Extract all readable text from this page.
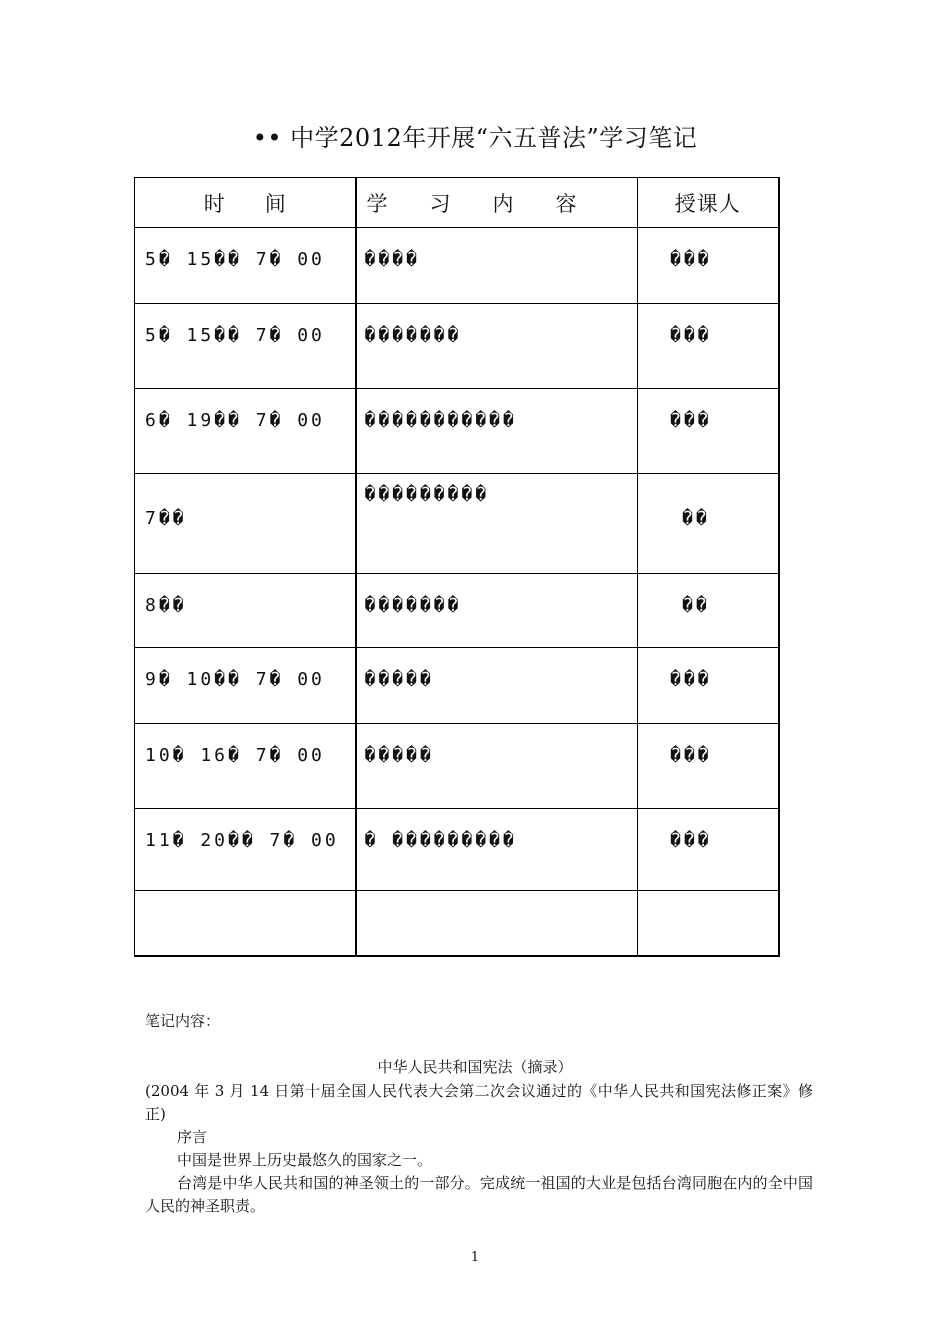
•• 中学2012年开展“六五普法”学习笔记
时间	学习内容	授课人
5� 15�� 7� 00	����	���
5� 15�� 7� 00	�������	���
6� 19�� 7� 00	�����������	���
7��	���������	��
8��	�������	��
9� 10�� 7� 00	�����	���
10� 16� 7� 00	�����	���
11� 20�� 7� 00	� ���������	���

笔记内容：
中华人民共和国宪法（摘录）

(2004 年 3 月 14 日第十届全国人民代表大会第二次会议通过的《中华人民共和国宪法修正案》修正)

序言

中国是世界上历史最悠久的国家之一。

台湾是中华人民共和国的神圣领土的一部分。完成统一祖国的大业是包括台湾同胞在内的全中国人民的神圣职责。

1
